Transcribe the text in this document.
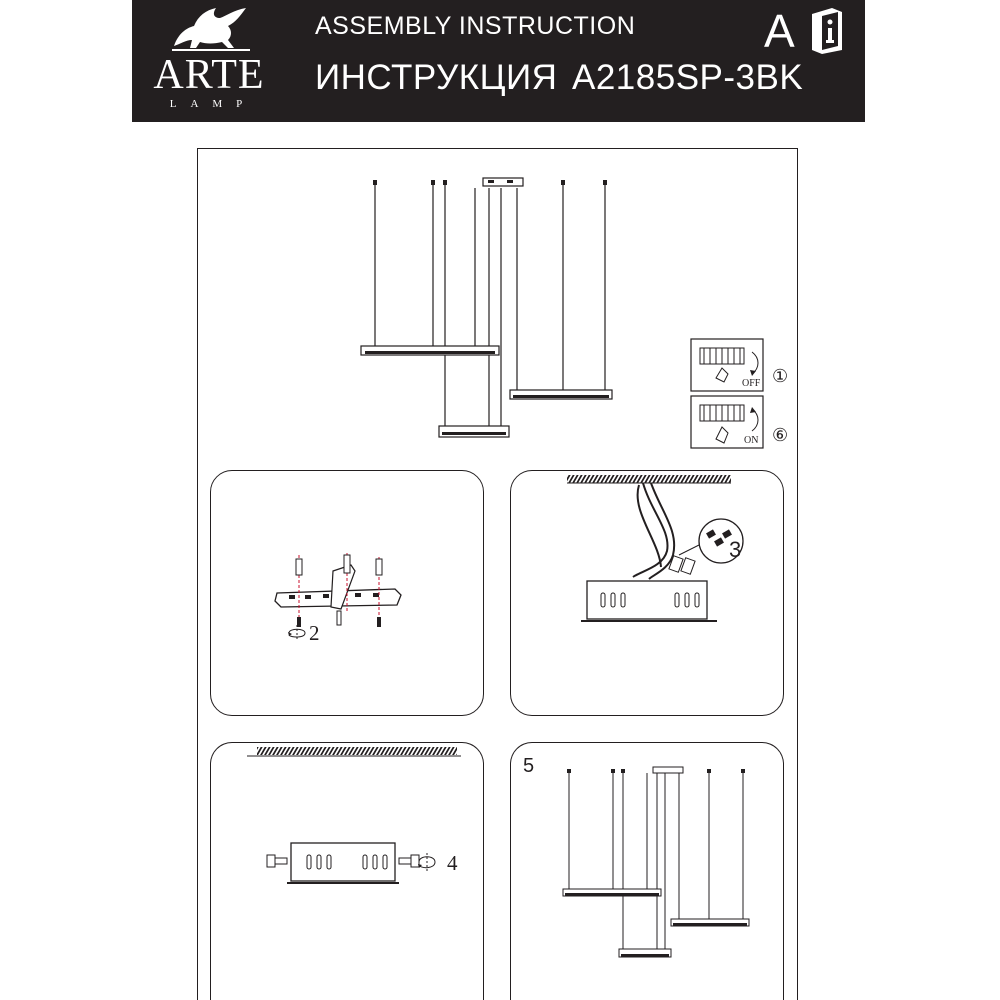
ARTE
LAMP
ASSEMBLY INSTRUCTION
ИНСТРУКЦИЯ A2185SP-3BK
A
OFF ①
ON ⑥
2
3
4
5
